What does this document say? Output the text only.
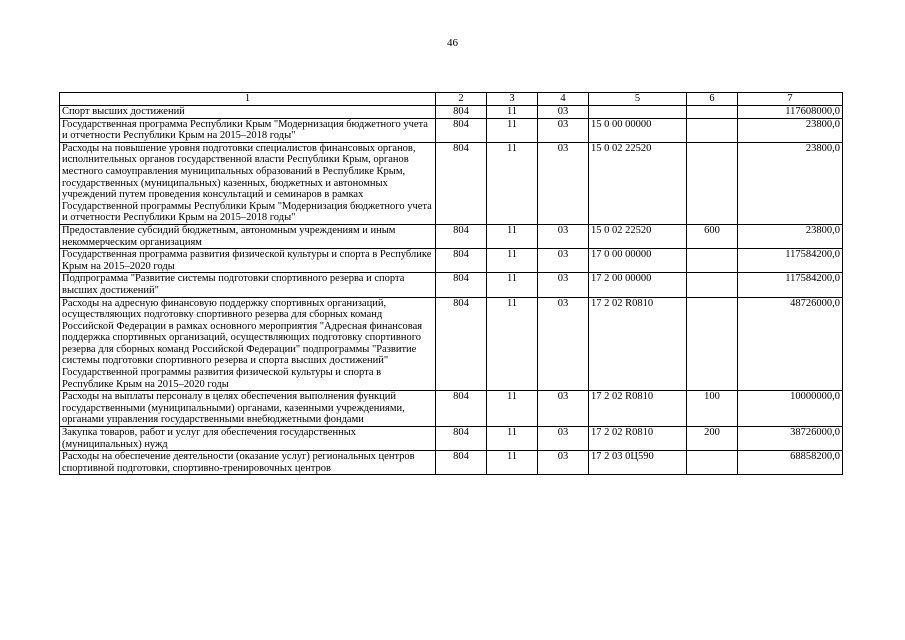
46
1	2	3	4	5	6	7
Спорт высших достижений	804	11	03			117608000,0
Государственная программа Республики Крым "Модернизация бюджетного учета и отчетности Республики Крым на 2015–2018 годы"	804	11	03	15 0 00 00000		23800,0
Расходы на повышение уровня подготовки специалистов финансовых органов, исполнительных органов государственной власти Республики Крым, органов местного самоуправления муниципальных образований в Республике Крым, государственных (муниципальных) казенных, бюджетных и автономных учреждений путем проведения консультаций и семинаров в рамках Государственной программы Республики Крым "Модернизация бюджетного учета и отчетности Республики Крым на 2015–2018 годы"	804	11	03	15 0 02 22520		23800,0
Предоставление субсидий бюджетным, автономным учреждениям и иным некоммерческим организациям	804	11	03	15 0 02 22520	600	23800,0
Государственная программа развития физической культуры и спорта в Республике Крым на 2015–2020 годы	804	11	03	17 0 00 00000		117584200,0
Подпрограмма "Развитие системы подготовки спортивного резерва и спорта высших достижений"	804	11	03	17 2 00 00000		117584200,0
Расходы на адресную финансовую поддержку спортивных организаций, осуществляющих подготовку спортивного резерва для сборных команд Российской Федерации в рамках основного мероприятия "Адресная финансовая поддержка спортивных организаций, осуществляющих подготовку спортивного резерва для сборных команд Российской Федерации" подпрограммы "Развитие системы подготовки спортивного резерва и спорта высших достижений" Государственной программы развития физической культуры и спорта в Республике Крым на 2015–2020 годы	804	11	03	17 2 02 R0810		48726000,0
Расходы на выплаты персоналу в целях обеспечения выполнения функций государственными (муниципальными) органами, казенными учреждениями, органами управления государственными внебюджетными фондами	804	11	03	17 2 02 R0810	100	10000000,0
Закупка товаров, работ и услуг для обеспечения государственных (муниципальных) нужд	804	11	03	17 2 02 R0810	200	38726000,0
Расходы на обеспечение деятельности (оказание услуг) региональных центров спортивной подготовки, спортивно-тренировочных центров	804	11	03	17 2 03 0Ц590		68858200,0
